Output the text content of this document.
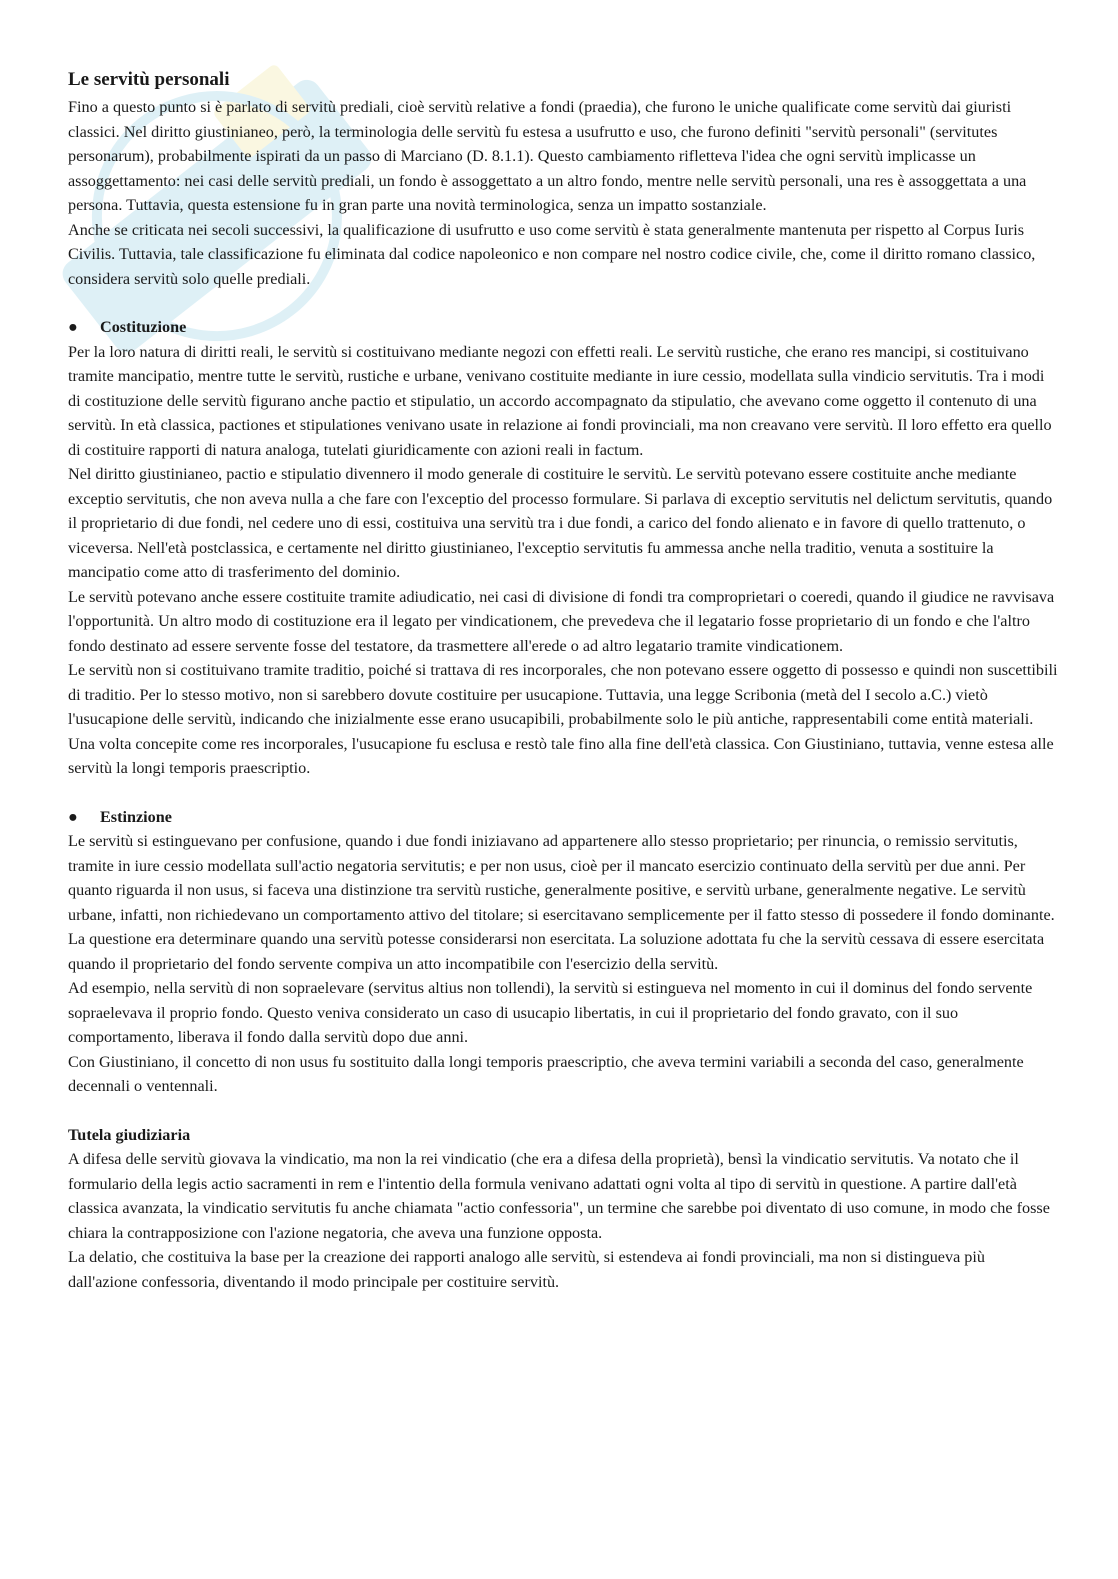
Le servitù personali

Fino a questo punto si è parlato di servitù prediali, cioè servitù relative a fondi (praedia), che furono le uniche qualificate come servitù dai giuristi classici. Nel diritto giustinianeo, però, la terminologia delle servitù fu estesa a usufrutto e uso, che furono definiti "servitù personali" (servitutes personarum), probabilmente ispirati da un passo di Marciano (D. 8.1.1). Questo cambiamento rifletteva l'idea che ogni servitù implicasse un assoggettamento: nei casi delle servitù prediali, un fondo è assoggettato a un altro fondo, mentre nelle servitù personali, una res è assoggettata a una persona. Tuttavia, questa estensione fu in gran parte una novità terminologica, senza un impatto sostanziale.

Anche se criticata nei secoli successivi, la qualificazione di usufrutto e uso come servitù è stata generalmente mantenuta per rispetto al Corpus Iuris Civilis. Tuttavia, tale classificazione fu eliminata dal codice napoleonico e non compare nel nostro codice civile, che, come il diritto romano classico, considera servitù solo quelle prediali.

● Costituzione

Per la loro natura di diritti reali, le servitù si costituivano mediante negozi con effetti reali. Le servitù rustiche, che erano res mancipi, si costituivano tramite mancipatio, mentre tutte le servitù, rustiche e urbane, venivano costituite mediante in iure cessio, modellata sulla vindicio servitutis. Tra i modi di costituzione delle servitù figurano anche pactio et stipulatio, un accordo accompagnato da stipulatio, che avevano come oggetto il contenuto di una servitù. In età classica, pactiones et stipulationes venivano usate in relazione ai fondi provinciali, ma non creavano vere servitù. Il loro effetto era quello di costituire rapporti di natura analoga, tutelati giuridicamente con azioni reali in factum.

Nel diritto giustinianeo, pactio e stipulatio divennero il modo generale di costituire le servitù. Le servitù potevano essere costituite anche mediante exceptio servitutis, che non aveva nulla a che fare con l'exceptio del processo formulare. Si parlava di exceptio servitutis nel delictum servitutis, quando il proprietario di due fondi, nel cedere uno di essi, costituiva una servitù tra i due fondi, a carico del fondo alienato e in favore di quello trattenuto, o viceversa. Nell'età postclassica, e certamente nel diritto giustinianeo, l'exceptio servitutis fu ammessa anche nella traditio, venuta a sostituire la mancipatio come atto di trasferimento del dominio.

Le servitù potevano anche essere costituite tramite adiudicatio, nei casi di divisione di fondi tra comproprietari o coeredi, quando il giudice ne ravvisava l'opportunità. Un altro modo di costituzione era il legato per vindicationem, che prevedeva che il legatario fosse proprietario di un fondo e che l'altro fondo destinato ad essere servente fosse del testatore, da trasmettere all'erede o ad altro legatario tramite vindicationem.

Le servitù non si costituivano tramite traditio, poiché si trattava di res incorporales, che non potevano essere oggetto di possesso e quindi non suscettibili di traditio. Per lo stesso motivo, non si sarebbero dovute costituire per usucapione. Tuttavia, una legge Scribonia (metà del I secolo a.C.) vietò l'usucapione delle servitù, indicando che inizialmente esse erano usucapibili, probabilmente solo le più antiche, rappresentabili come entità materiali. Una volta concepite come res incorporales, l'usucapione fu esclusa e restò tale fino alla fine dell'età classica. Con Giustiniano, tuttavia, venne estesa alle servitù la longi temporis praescriptio.

● Estinzione

Le servitù si estinguevano per confusione, quando i due fondi iniziavano ad appartenere allo stesso proprietario; per rinuncia, o remissio servitutis, tramite in iure cessio modellata sull'actio negatoria servitutis; e per non usus, cioè per il mancato esercizio continuato della servitù per due anni. Per quanto riguarda il non usus, si faceva una distinzione tra servitù rustiche, generalmente positive, e servitù urbane, generalmente negative. Le servitù urbane, infatti, non richiedevano un comportamento attivo del titolare; si esercitavano semplicemente per il fatto stesso di possedere il fondo dominante. La questione era determinare quando una servitù potesse considerarsi non esercitata. La soluzione adottata fu che la servitù cessava di essere esercitata quando il proprietario del fondo servente compiva un atto incompatibile con l'esercizio della servitù.

Ad esempio, nella servitù di non sopraelevare (servitus altius non tollendi), la servitù si estingueva nel momento in cui il dominus del fondo servente sopraelevava il proprio fondo. Questo veniva considerato un caso di usucapio libertatis, in cui il proprietario del fondo gravato, con il suo comportamento, liberava il fondo dalla servitù dopo due anni.

Con Giustiniano, il concetto di non usus fu sostituito dalla longi temporis praescriptio, che aveva termini variabili a seconda del caso, generalmente decennali o ventennali.

Tutela giudiziaria

A difesa delle servitù giovava la vindicatio, ma non la rei vindicatio (che era a difesa della proprietà), bensì la vindicatio servitutis. Va notato che il formulario della legis actio sacramenti in rem e l'intentio della formula venivano adattati ogni volta al tipo di servitù in questione. A partire dall'età classica avanzata, la vindicatio servitutis fu anche chiamata "actio confessoria", un termine che sarebbe poi diventato di uso comune, in modo che fosse chiara la contrapposizione con l'azione negatoria, che aveva una funzione opposta.

La delatio, che costituiva la base per la creazione dei rapporti analogo alle servitù, si estendeva ai fondi provinciali, ma non si distingueva più dall'azione confessoria, diventando il modo principale per costituire servitù.
